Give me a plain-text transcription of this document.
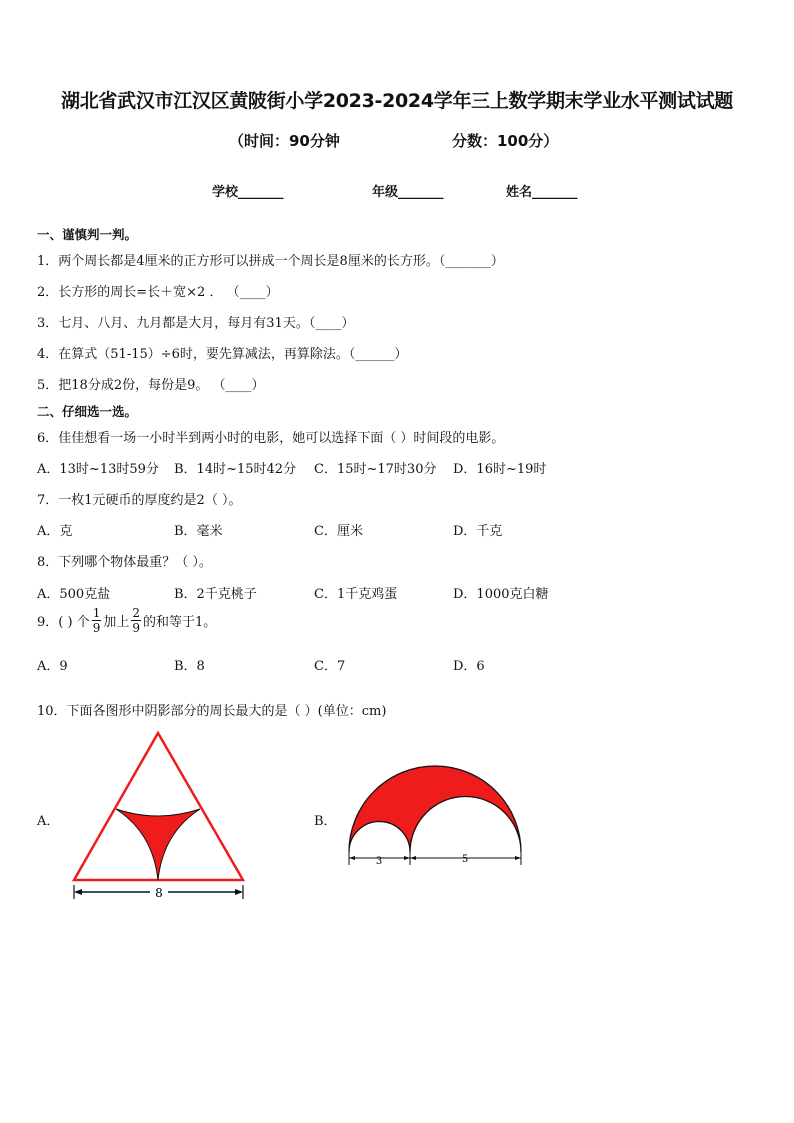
湖北省武汉市江汉区黄陂街小学2023-2024学年三上数学期末学业水平测试试题
（时间：90分钟	分数：100分）
学校_______	年级_______	姓名_______
一、谨慎判一判。
1．两个周长都是4厘米的正方形可以拼成一个周长是8厘米的长方形。（_______）
2．长方形的周长=长＋宽×2 ． （____）
3．七月、八月、九月都是大月，每月有31天。（____）
4．在算式（51-15）÷6时，要先算减法，再算除法。（______）
5．把18分成2份，每份是9。 （____）
二、仔细选一选。
6．佳佳想看一场一小时半到两小时的电影，她可以选择下面（ ）时间段的电影。
A．13时~13时59分 B．14时~15时42分 C．15时~17时30分 D．16时~19时
7．一枚1元硬币的厚度约是2（ ）。
A．克	B．毫米	C．厘米	D．千克
8．下列哪个物体最重？（ ）。
A．500克盐	B．2千克桃子	C．1千克鸡蛋	D．1000克白糖
9．( ) 个 $\frac{1}{9}$ 加上 $\frac{2}{9}$ 的和等于1。
A．9	B．8	C．7	D．6
10．下面各图形中阴影部分的周长最大的是（ ）(单位：cm)
A．	B．
8
3	5
